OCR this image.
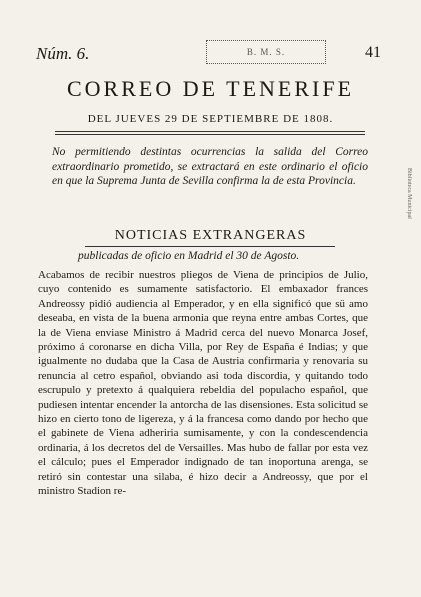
Núm. 6.	B. M. S.	41
CORREO DE TENERIFE
DEL JUEVES 29 DE SEPTIEMBRE DE 1808.

No permitiendo destintas ocurrencias la salida del Correo extraordinario prometido, se extractará en este ordinario el oficio en que la Suprema Junta de Sevilla confirma la de esta Provincia.

NOTICIAS EXTRANGERAS
publicadas de oficio en Madrid el 30 de Agosto.

Acabamos de recibir nuestros pliegos de Viena de principios de Julio, cuyo contenido es sumamente satisfactorio. El embaxador frances Andreossy pidió audiencia al Emperador, y en ella significó que sü amo deseaba, en vista de la buena armonia que reyna entre ambas Cortes, que la de Viena enviase Ministro á Madrid cerca del nuevo Monarca Josef, próximo á coronarse en dicha Villa, por Rey de España é Indias; y que igualmente no dudaba que la Casa de Austria confirmaria y renovaria su renuncia al cetro español, obviando asi toda discordia, y quitando todo escrupulo y pretexto á qualquiera rebeldia del populacho español, que pudiesen intentar encender la antorcha de las disensiones. Esta solicitud se hizo en cierto tono de ligereza, y á la francesa como dando por hecho que el gabinete de Viena adheriria sumisamente, y con la condescendencia ordinaria, á los decretos del de Versailles. Mas hubo de fallar por esta vez el cálculo; pues el Emperador indignado de tan inoportuna arenga, se retiró sin contestar una silaba, é hizo decir a Andreossy, que por el ministro Stadion re-

Biblioteca Municipal
